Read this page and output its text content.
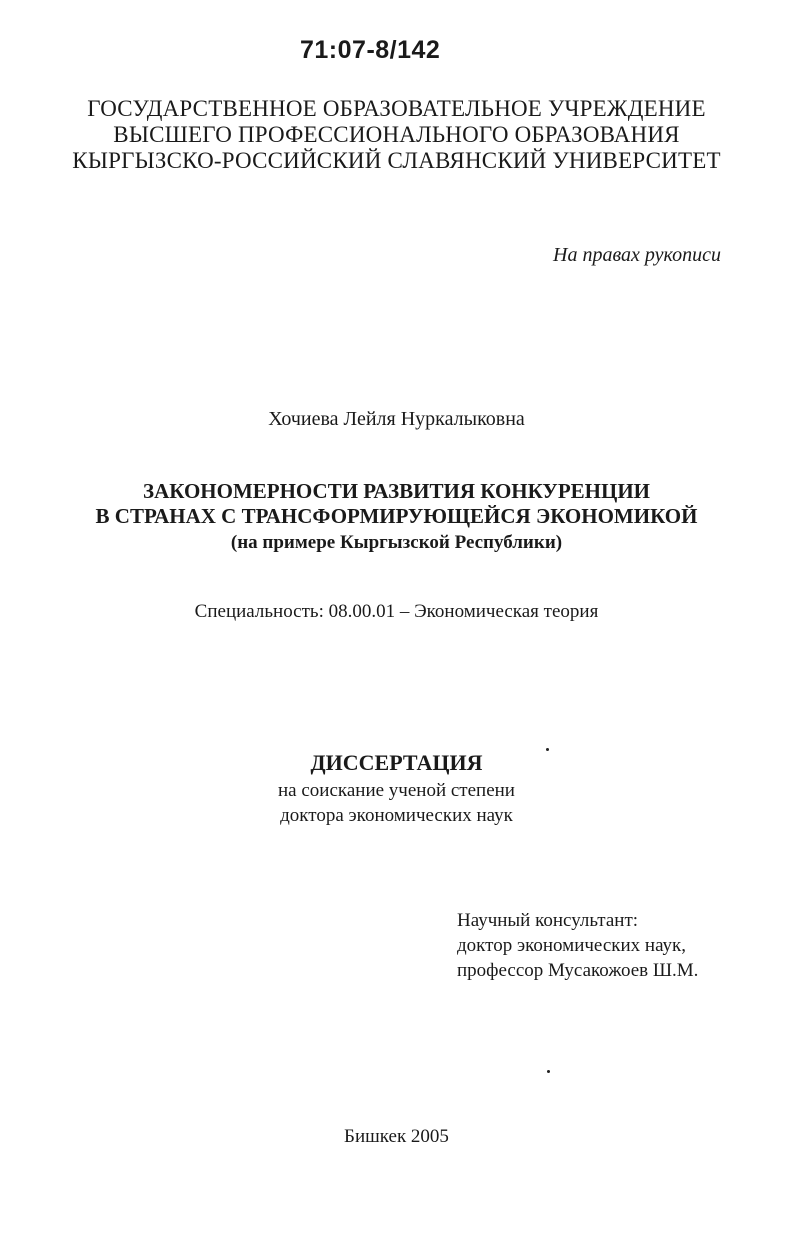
71:07-8/142
ГОСУДАРСТВЕННОЕ ОБРАЗОВАТЕЛЬНОЕ УЧРЕЖДЕНИЕ
ВЫСШЕГО ПРОФЕССИОНАЛЬНОГО ОБРАЗОВАНИЯ
КЫРГЫЗСКО-РОССИЙСКИЙ СЛАВЯНСКИЙ УНИВЕРСИТЕТ
На правах рукописи
Хочиева Лейля Нуркалыковна
ЗАКОНОМЕРНОСТИ РАЗВИТИЯ КОНКУРЕНЦИИ
В СТРАНАХ С ТРАНСФОРМИРУЮЩЕЙСЯ ЭКОНОМИКОЙ
(на примере Кыргызской Республики)
Специальность: 08.00.01 – Экономическая теория
ДИССЕРТАЦИЯ
на соискание ученой степени
доктора экономических наук
Научный консультант:
доктор экономических наук,
профессор Мусакожоев Ш.М.
Бишкек 2005
